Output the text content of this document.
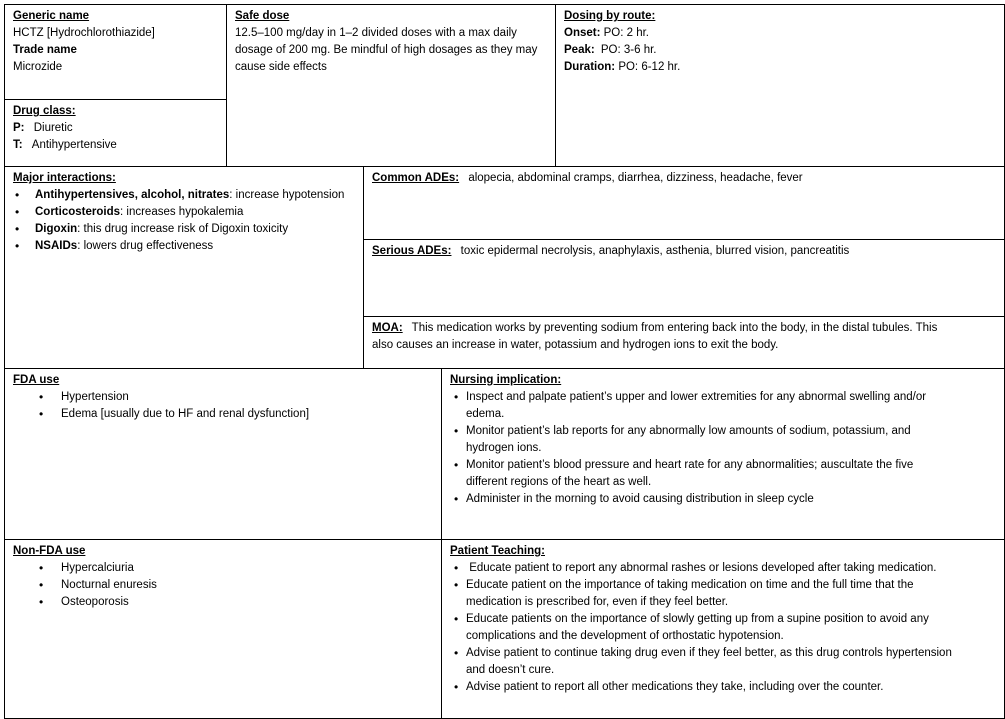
Generic name
HCTZ [Hydrochlorothiazide]
Trade name
Microzide
Drug class:
P: Diuretic
T: Antihypertensive
Safe dose
12.5–100 mg/day in 1–2 divided doses with a max daily dosage of 200 mg. Be mindful of high dosages as they may cause side effects
Dosing by route:
Onset: PO: 2 hr.
Peak: PO: 3-6 hr.
Duration: PO: 6-12 hr.
Major interactions:
• Antihypertensives, alcohol, nitrates: increase hypotension
• Corticosteroids: increases hypokalemia
• Digoxin: this drug increase risk of Digoxin toxicity
• NSAIDs: lowers drug effectiveness
Common ADEs: alopecia, abdominal cramps, diarrhea, dizziness, headache, fever
Serious ADEs: toxic epidermal necrolysis, anaphylaxis, asthenia, blurred vision, pancreatitis
MOA: This medication works by preventing sodium from entering back into the body, in the distal tubules. This
also causes an increase in water, potassium and hydrogen ions to exit the body.
FDA use
• Hypertension
• Edema [usually due to HF and renal dysfunction]
Nursing implication:
• Inspect and palpate patient’s upper and lower extremities for any abnormal swelling and/or
edema.
• Monitor patient’s lab reports for any abnormally low amounts of sodium, potassium, and
hydrogen ions.
• Monitor patient’s blood pressure and heart rate for any abnormalities; auscultate the five
different regions of the heart as well.
• Administer in the morning to avoid causing distribution in sleep cycle
Non-FDA use
• Hypercalciuria
• Nocturnal enuresis
• Osteoporosis
Patient Teaching:
•  Educate patient to report any abnormal rashes or lesions developed after taking medication.
• Educate patient on the importance of taking medication on time and the full time that the
medication is prescribed for, even if they feel better.
• Educate patients on the importance of slowly getting up from a supine position to avoid any
complications and the development of orthostatic hypotension.
• Advise patient to continue taking drug even if they feel better, as this drug controls hypertension
and doesn’t cure.
• Advise patient to report all other medications they take, including over the counter.
